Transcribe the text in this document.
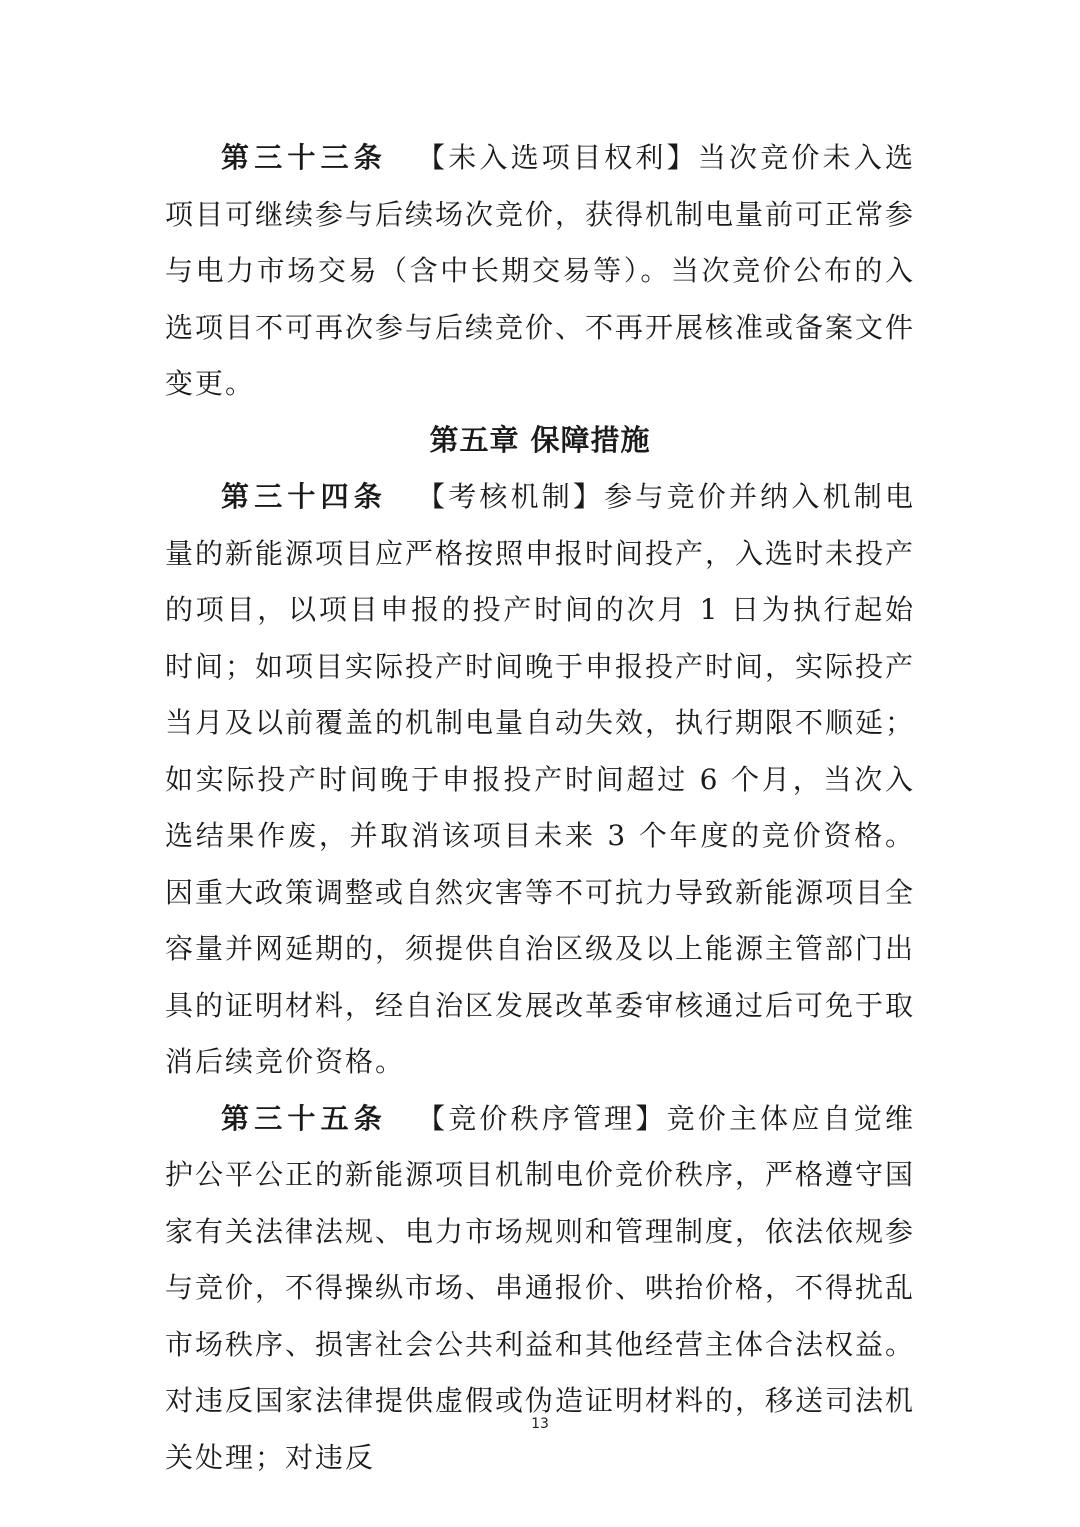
第三十三条 【未入选项目权利】当次竞价未入选项目可继续参与后续场次竞价，获得机制电量前可正常参与电力市场交易（含中长期交易等）。当次竞价公布的入选项目不可再次参与后续竞价、不再开展核准或备案文件变更。

第五章 保障措施

第三十四条 【考核机制】参与竞价并纳入机制电量的新能源项目应严格按照申报时间投产，入选时未投产的项目，以项目申报的投产时间的次月 1 日为执行起始时间；如项目实际投产时间晚于申报投产时间，实际投产当月及以前覆盖的机制电量自动失效，执行期限不顺延；如实际投产时间晚于申报投产时间超过 6 个月，当次入选结果作废，并取消该项目未来 3 个年度的竞价资格。因重大政策调整或自然灾害等不可抗力导致新能源项目全容量并网延期的，须提供自治区级及以上能源主管部门出具的证明材料，经自治区发展改革委审核通过后可免于取消后续竞价资格。

第三十五条 【竞价秩序管理】竞价主体应自觉维护公平公正的新能源项目机制电价竞价秩序，严格遵守国家有关法律法规、电力市场规则和管理制度，依法依规参与竞价，不得操纵市场、串通报价、哄抬价格，不得扰乱市场秩序、损害社会公共利益和其他经营主体合法权益。对违反国家法律提供虚假或伪造证明材料的，移送司法机关处理；对违反

13
